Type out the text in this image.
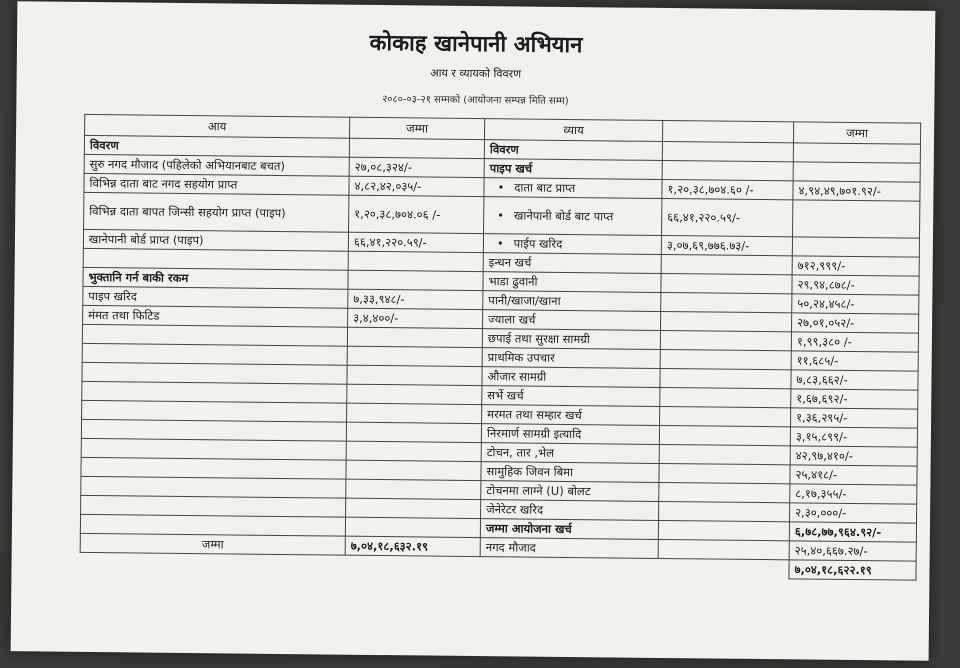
कोकाह खानेपानी अभियान
आय र व्यायको विवरण
२०८०-०३-२१ सम्मको (आयोजना सम्पन्न मिति सम्म)
आय	जम्मा	व्याय		जम्मा
विवरण		विवरण		
सुरु नगद मौजाद (पहिलेको अभियानबाट बचत)	२७,०८,३२४/-	पाइप खर्च		
विभिन्न दाता बाट नगद सहयोग प्राप्त	४,८२,४२,०३५/-	• दाता बाट प्राप्त	१,२०,३८,७०४.६० /-	४,९४,४९,७०१.९२/-
विभिन्न दाता बापत जिन्सी सहयोग प्राप्त (पाइप)	१,२०,३८,७०४.०६ /-	• खानेपानी बोर्ड बाट पाप्त	६६,४१,२२०.५९/-	
खानेपानी बोर्ड प्राप्त (पाइप)	६६,४१,२२०.५९/-	• पाईप खरिद	३,०७,६९,७७६.७३/-	
		इन्धन खर्च		७१२,९९९/-
भुक्तानि गर्न बाकी रकम		भाडा ढुवानी		२९,९४,८७८/-
पाइप खरिद	७,३३,९४८/-	पानी/खाजा/खाना		५०,२४,४५८/-
मंमत तथा फिटिड	३,४,४००/-	ज्याला खर्च		२७,०१,०५२/-
		छपाई तथा सुरक्षा सामग्री		१,९९,३८० /-
		प्राथमिक उपचार		११,६८५/-
		औजार सामग्री		७,८३,६६२/-
		सर्भे खर्च		१,६७,६९२/-
		मरमत तथा सम्हार खर्च		१,३६,२९५/-
		निरमार्ण सामग्री इत्यादि		३,१५,८९९/-
		टोचन, तार ,भेल		४२,९७,४१०/-
		सामुहिक जिवन बिमा		२५,४१८/-
		टोचनमा लाग्ने (U) बोलट		८,१७,३५५/-
		जेनेरेटर खरिद		२,३०,०००/-
		जम्मा आयोजना खर्च		६,७८,७७,९६४.९२/-
जम्मा	७,०४,१८,६३२.१९	नगद मौजाद		२५,४०,६६७.२७/-
				७,०४,१८,६२२.१९
